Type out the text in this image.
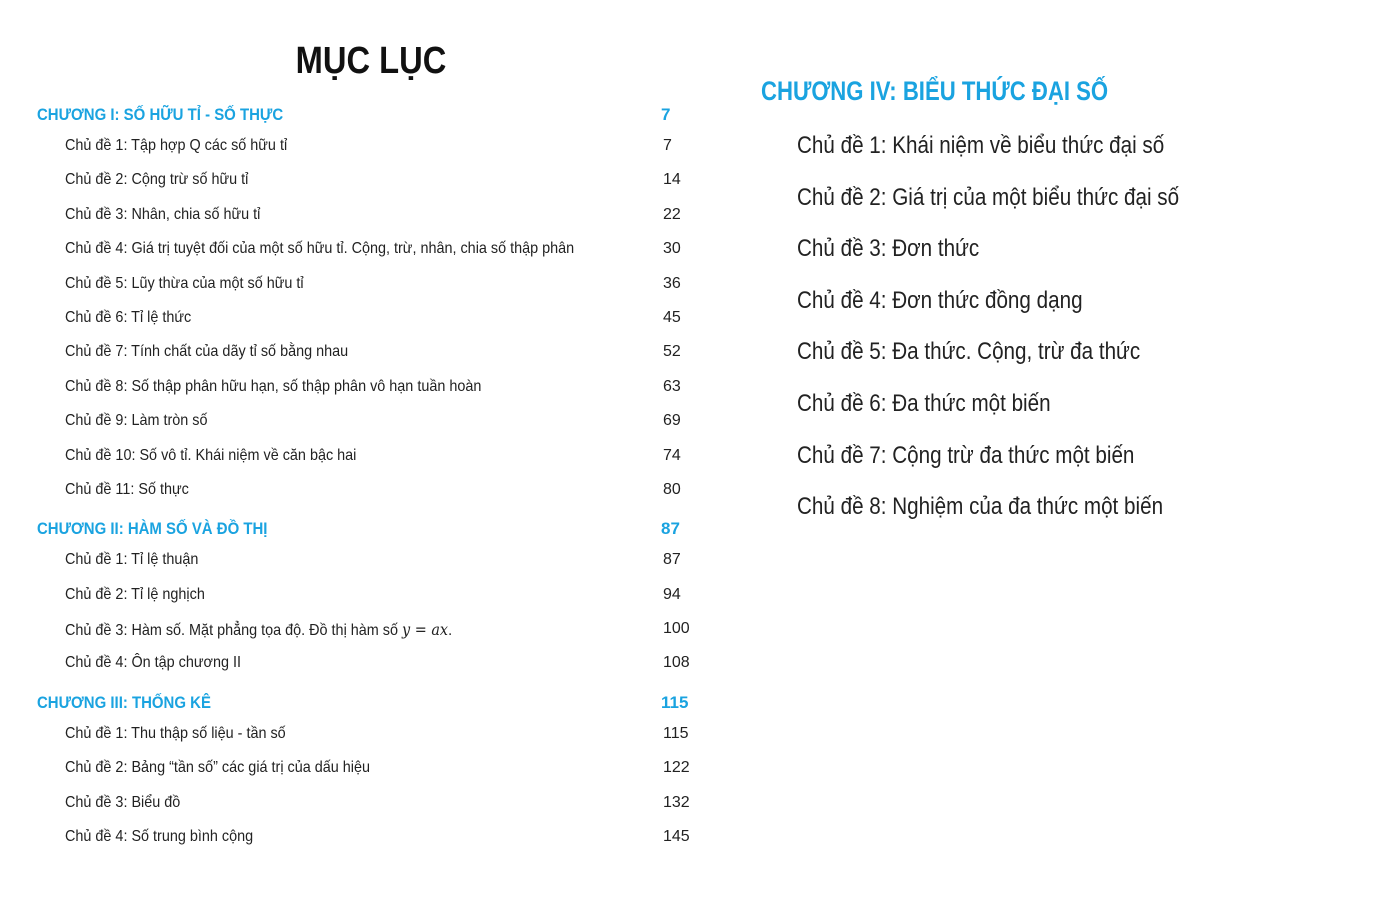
MỤC LỤC
CHƯƠNG I: SỐ HỮU TỈ - SỐ THỰC	7
Chủ đề 1: Tập hợp Q các số hữu tỉ	7
Chủ đề 2: Cộng trừ số hữu tỉ	14
Chủ đề 3: Nhân, chia số hữu tỉ	22
Chủ đề 4: Giá trị tuyệt đối của một số hữu tỉ. Cộng, trừ, nhân, chia số thập phân	30
Chủ đề 5: Lũy thừa của một số hữu tỉ	36
Chủ đề 6: Tỉ lệ thức	45
Chủ đề 7: Tính chất của dãy tỉ số bằng nhau	52
Chủ đề 8: Số thập phân hữu hạn, số thập phân vô hạn tuần hoàn	63
Chủ đề 9: Làm tròn số	69
Chủ đề 10: Số vô tỉ. Khái niệm về căn bậc hai	74
Chủ đề 11: Số thực	80
CHƯƠNG II: HÀM SỐ VÀ ĐỒ THỊ	87
Chủ đề 1: Tỉ lệ thuận	87
Chủ đề 2: Tỉ lệ nghịch	94
Chủ đề 3: Hàm số. Mặt phẳng tọa độ. Đồ thị hàm số y = ax.	100
Chủ đề 4: Ôn tập chương II	108
CHƯƠNG III: THỐNG KÊ	115
Chủ đề 1: Thu thập số liệu - tần số	115
Chủ đề 2: Bảng “tần số” các giá trị của dấu hiệu	122
Chủ đề 3: Biểu đồ	132
Chủ đề 4: Số trung bình cộng	145
CHƯƠNG IV: BIỂU THỨC ĐẠI SỐ
Chủ đề 1: Khái niệm về biểu thức đại số
Chủ đề 2: Giá trị của một biểu thức đại số
Chủ đề 3: Đơn thức
Chủ đề 4: Đơn thức đồng dạng
Chủ đề 5: Đa thức. Cộng, trừ đa thức
Chủ đề 6: Đa thức một biến
Chủ đề 7: Cộng trừ đa thức một biến
Chủ đề 8: Nghiệm của đa thức một biến
